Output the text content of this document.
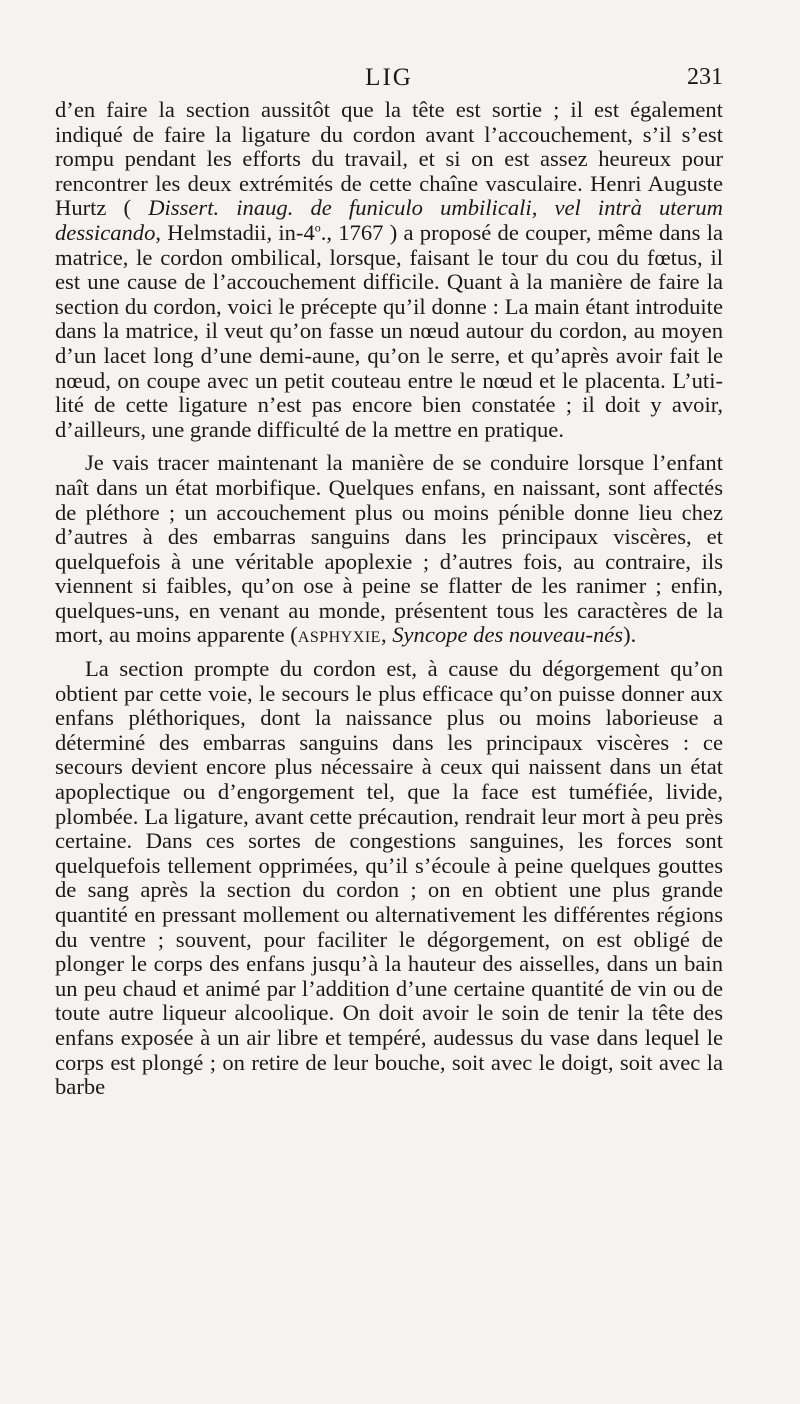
LIG	231

d’en faire la section aussitôt que la tête est sortie ; il est également indiqué de faire la ligature du cordon avant l’accouchement, s’il s’est rompu pendant les efforts du travail, et si on est assez heureux pour rencontrer les deux extrémités de cette chaîne vasculaire. Henri Auguste Hurtz ( Dissert. inaug. de funiculo umbilicali, vel intrà uterum dessicando, Helmstadii, in-4$^o$., 1767 ) a proposé de couper, même dans la matrice, le cordon ombilical, lorsque, faisant le tour du cou du fœtus, il est une cause de l’accouchement difficile. Quant à la manière de faire la section du cordon, voici le précepte qu’il donne : La main étant introduite dans la matrice, il veut qu’on fasse un nœud autour du cordon, au moyen d’un lacet long d’une demi-aune, qu’on le serre, et qu’après avoir fait le nœud, on coupe avec un petit couteau entre le nœud et le placenta. L’utilité de cette ligature n’est pas encore bien constatée ; il doit y avoir, d’ailleurs, une grande difficulté de la mettre en pratique.

Je vais tracer maintenant la manière de se conduire lorsque l’enfant naît dans un état morbifique. Quelques enfans, en naissant, sont affectés de pléthore ; un accouchement plus ou moins pénible donne lieu chez d’autres à des embarras sanguins dans les principaux viscères, et quelquefois à une véritable apoplexie ; d’autres fois, au contraire, ils viennent si faibles, qu’on ose à peine se flatter de les ranimer ; enfin, quelques-uns, en venant au monde, présentent tous les caractères de la mort, au moins apparente (asphyxie, Syncope des nouveau-nés).

La section prompte du cordon est, à cause du dégorgement qu’on obtient par cette voie, le secours le plus efficace qu’on puisse donner aux enfans pléthoriques, dont la naissance plus ou moins laborieuse a déterminé des embarras sanguins dans les principaux viscères : ce secours devient encore plus nécessaire à ceux qui naissent dans un état apoplectique ou d’engorgement tel, que la face est tuméfiée, livide, plombée. La ligature, avant cette précaution, rendrait leur mort à peu près certaine. Dans ces sortes de congestions sanguines, les forces sont quelquefois tellement opprimées, qu’il s’écoule à peine quelques gouttes de sang après la section du cordon ; on en obtient une plus grande quantité en pressant mollement ou alternativement les différentes régions du ventre ; souvent, pour faciliter le dégorgement, on est obligé de plonger le corps des enfans jusqu’à la hauteur des aisselles, dans un bain un peu chaud et animé par l’addition d’une certaine quantité de vin ou de toute autre liqueur alcoolique. On doit avoir le soin de tenir la tête des enfans exposée à un air libre et tempéré, audessus du vase dans lequel le corps est plongé ; on retire de leur bouche, soit avec le doigt, soit avec la barbe
